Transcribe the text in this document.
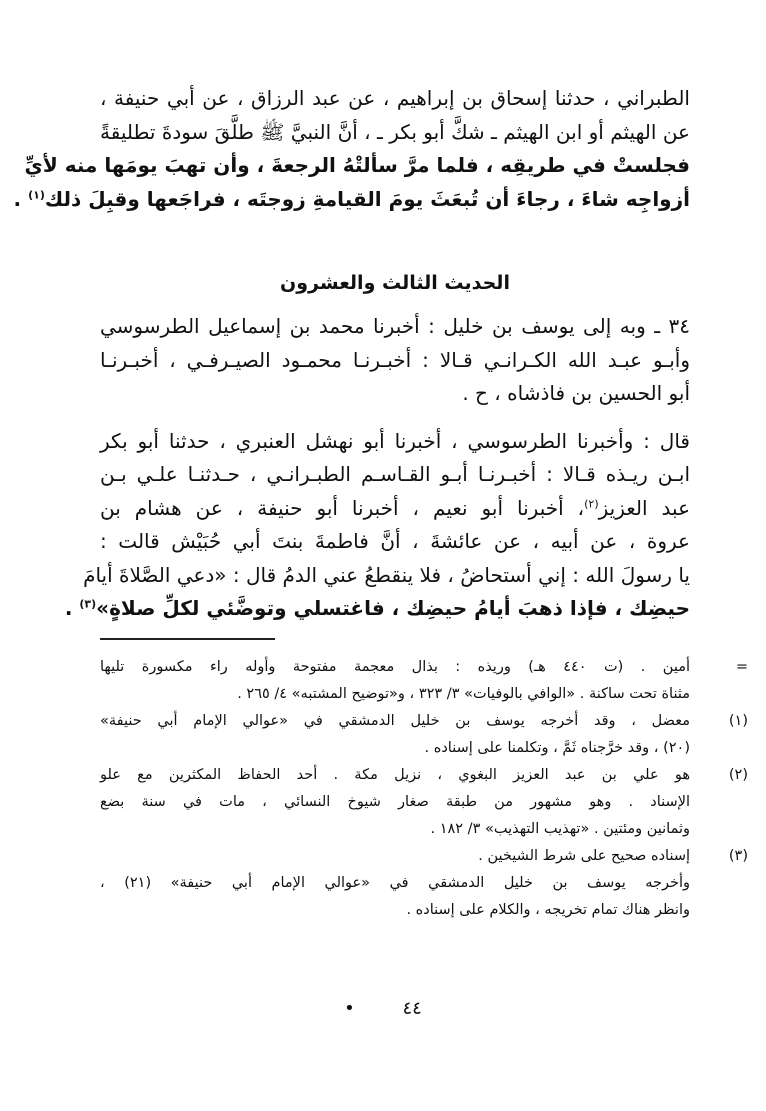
الطبراني ، حدثنا إسحاق بن إبراهيم ، عن عبد الرزاق ، عن أبي حنيفة ،
عن الهيثم أو ابن الهيثم ـ شكَّ أبو بكر ـ ، أنَّ النبيَّ ﷺ طلَّقَ سودةَ تطليقةً
فجلستْ في طريقِه ، فلما مرَّ سألتْهُ الرجعةَ ، وأن تهبَ يومَها منه لأيِّ
أزواجِه شاءَ ، رجاءَ أن تُبعَثَ يومَ القيامةِ زوجتَه ، فراجَعها وقبِلَ ذلك$^{(١)}$ .

الحديث الثالث والعشرون

٣٤ ـ وبه إلى يوسف بن خليل : أخبرنا محمد بن إسماعيل الطرسوسي
وأبـو عبـد الله الكـرانـي قـالا : أخبـرنـا محمـود الصيـرفـي ، أخبـرنـا
أبو الحسين بن فاذشاه ، ح .

قال : وأخبرنا الطرسوسي ، أخبرنا أبو نهشل العنبري ، حدثنا أبو بكر
ابـن ريـذه قـالا : أخبـرنـا أبـو القـاسـم الطبـرانـي ، حـدثنـا علـي بـن
عبد العزيز$^{(٢)}$، أخبرنا أبو نعيم ، أخبرنا أبو حنيفة ، عن هشام بن
عروة ، عن أبيه ، عن عائشةَ ، أنَّ فاطمةَ بنتَ أبي حُبَيْش قالت :
يا رسولَ الله : إني أستحاضُ ، فلا ينقطعُ عني الدمُ قال : «دعي الصَّلاةَ أيامَ
حيضِك ، فإذا ذهبَ أيامُ حيضِك ، فاغتسلي وتوضَّئي لكلِّ صلاةٍ»$^{(٣)}$ .

=
أمين . (ت ٤٤٠ هـ) وريذه : بذال معجمة مفتوحة وأوله راء مكسورة تليها
مثناة تحت ساكنة . «الوافي بالوفيات» ٣/ ٣٢٣ ، و«توضيح المشتبه» ٤/ ٢٦٥ .
(١)
معضل ، وقد أخرجه يوسف بن خليل الدمشقي في «عوالي الإمام أبي حنيفة»
(٢٠) ، وقد خرَّجناه ثَمَّ ، وتكلمنا على إسناده .
(٢)
هو علي بن عبد العزيز البغوي ، نزيل مكة . أحد الحفاظ المكثرين مع علو
الإسناد . وهو مشهور من طبقة صغار شيوخ النسائي ، مات في سنة بضع
وثمانين ومئتين . «تهذيب التهذيب» ٣/ ١٨٢ .
(٣)
إسناده صحيح على شرط الشيخين .
وأخرجه يوسف بن خليل الدمشقي في «عوالي الإمام أبي حنيفة» (٢١) ،
وانظر هناك تمام تخريجه ، والكلام على إسناده .
٤٤ •
